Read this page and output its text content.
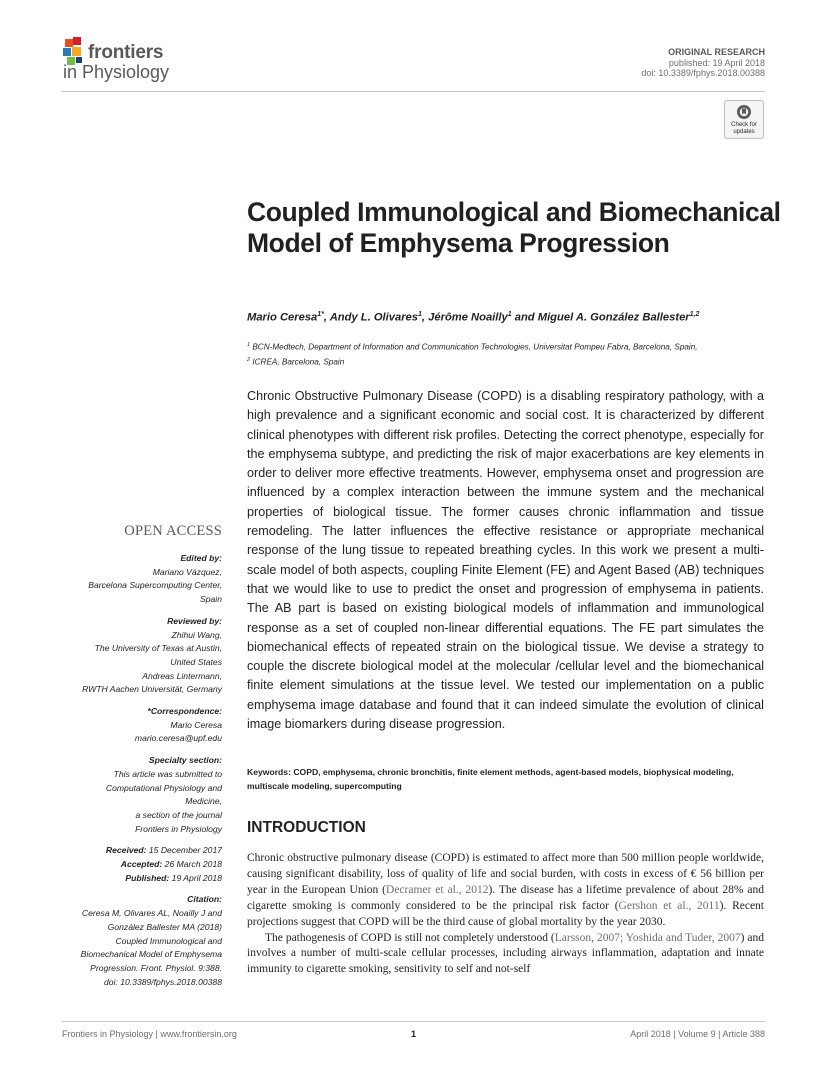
frontiers
in Physiology
ORIGINAL RESEARCH
published: 19 April 2018
doi: 10.3389/fphys.2018.00388
Check for updates
Coupled Immunological and Biomechanical Model of Emphysema Progression
Mario Ceresa$^{1*}$, Andy L. Olivares$^1$, Jérôme Noailly$^1$ and Miguel A. González Ballester$^{1,2}$
$^1$ BCN-Medtech, Department of Information and Communication Technologies, Universitat Pompeu Fabra, Barcelona, Spain,
$^2$ ICREA, Barcelona, Spain
Chronic Obstructive Pulmonary Disease (COPD) is a disabling respiratory pathology, with a high prevalence and a significant economic and social cost. It is characterized by different clinical phenotypes with different risk profiles. Detecting the correct phenotype, especially for the emphysema subtype, and predicting the risk of major exacerbations are key elements in order to deliver more effective treatments. However, emphysema onset and progression are influenced by a complex interaction between the immune system and the mechanical properties of biological tissue. The former causes chronic inflammation and tissue remodeling. The latter influences the effective resistance or appropriate mechanical response of the lung tissue to repeated breathing cycles. In this work we present a multi-scale model of both aspects, coupling Finite Element (FE) and Agent Based (AB) techniques that we would like to use to predict the onset and progression of emphysema in patients. The AB part is based on existing biological models of inflammation and immunological response as a set of coupled non-linear differential equations. The FE part simulates the biomechanical effects of repeated strain on the biological tissue. We devise a strategy to couple the discrete biological model at the molecular /cellular level and the biomechanical finite element simulations at the tissue level. We tested our implementation on a public emphysema image database and found that it can indeed simulate the evolution of clinical image biomarkers during disease progression.
Keywords: COPD, emphysema, chronic bronchitis, finite element methods, agent-based models, biophysical modeling, multiscale modeling, supercomputing
INTRODUCTION

Chronic obstructive pulmonary disease (COPD) is estimated to affect more than 500 million people worldwide, causing significant disability, loss of quality of life and social burden, with costs in excess of € 56 billion per year in the European Union (Decramer et al., 2012). The disease has a lifetime prevalence of about 28% and cigarette smoking is commonly considered to be the principal risk factor (Gershon et al., 2011). Recent projections suggest that COPD will be the third cause of global mortality by the year 2030.

The pathogenesis of COPD is still not completely understood (Larsson, 2007; Yoshida and Tuder, 2007) and involves a number of multi-scale cellular processes, including airways inflammation, adaptation and innate immunity to cigarette smoking, sensitivity to self and not-self

OPEN ACCESS
Edited by:
Mariano Vázquez,
Barcelona Supercomputing Center,
Spain
Reviewed by:
Zhihui Wang,
The University of Texas at Austin,
United States
Andreas Lintermann,
RWTH Aachen Universität, Germany
*Correspondence:
Mario Ceresa
mario.ceresa@upf.edu
Specialty section:
This article was submitted to
Computational Physiology and
Medicine,
a section of the journal
Frontiers in Physiology
Received: 15 December 2017
Accepted: 26 March 2018
Published: 19 April 2018
Citation:
Ceresa M, Olivares AL, Noailly J and
González Ballester MA (2018)
Coupled Immunological and
Biomechanical Model of Emphysema
Progression. Front. Physiol. 9:388.
doi: 10.3389/fphys.2018.00388
Frontiers in Physiology | www.frontiersin.org	1	April 2018 | Volume 9 | Article 388
